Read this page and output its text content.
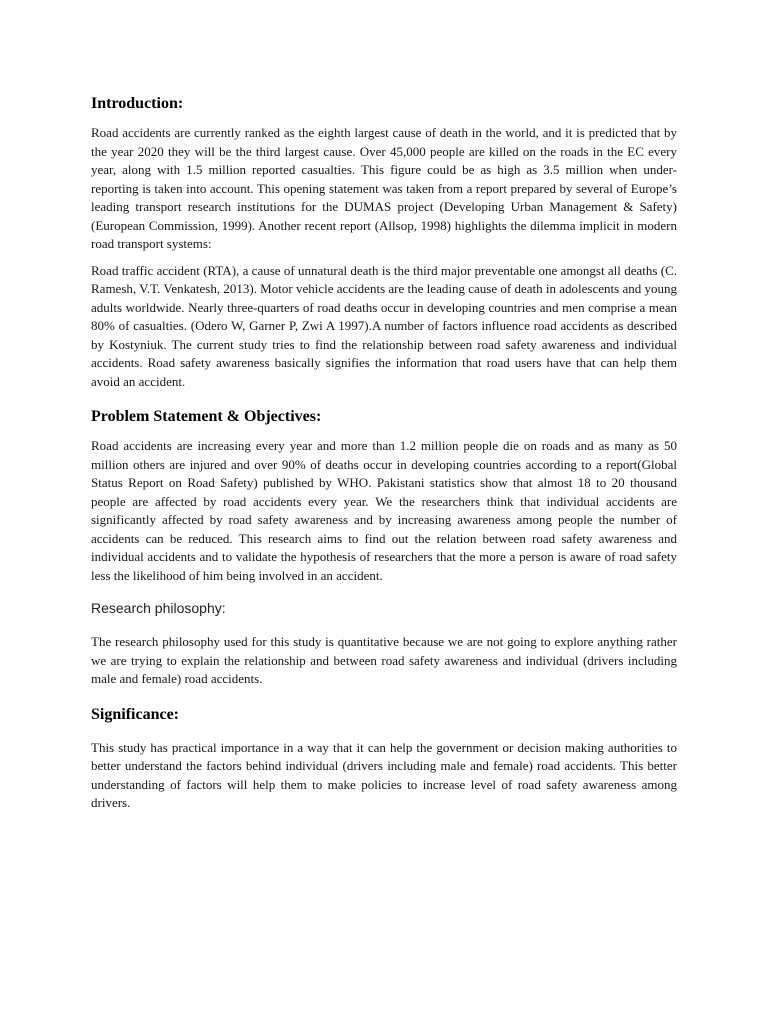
Introduction:

Road accidents are currently ranked as the eighth largest cause of death in the world, and it is predicted that by the year 2020 they will be the third largest cause. Over 45,000 people are killed on the roads in the EC every year, along with 1.5 million reported casualties. This figure could be as high as 3.5 million when under-reporting is taken into account. This opening statement was taken from a report prepared by several of Europe’s leading transport research institutions for the DUMAS project (Developing Urban Management & Safety) (European Commission, 1999). Another recent report (Allsop, 1998) highlights the dilemma implicit in modern road transport systems:

Road traffic accident (RTA), a cause of unnatural death is the third major preventable one amongst all deaths (C. Ramesh, V.T. Venkatesh, 2013). Motor vehicle accidents are the leading cause of death in adolescents and young adults worldwide. Nearly three-quarters of road deaths occur in developing countries and men comprise a mean 80% of casualties. (Odero W, Garner P, Zwi A 1997).A number of factors influence road accidents as described by Kostyniuk. The current study tries to find the relationship between road safety awareness and individual accidents. Road safety awareness basically signifies the information that road users have that can help them avoid an accident.

Problem Statement & Objectives:

Road accidents are increasing every year and more than 1.2 million people die on roads and as many as 50 million others are injured and over 90% of deaths occur in developing countries according to a report(Global Status Report on Road Safety) published by WHO. Pakistani statistics show that almost 18 to 20 thousand people are affected by road accidents every year. We the researchers think that individual accidents are significantly affected by road safety awareness and by increasing awareness among people the number of accidents can be reduced. This research aims to find out the relation between road safety awareness and individual accidents and to validate the hypothesis of researchers that the more a person is aware of road safety less the likelihood of him being involved in an accident.

Research philosophy:

The research philosophy used for this study is quantitative because we are not going to explore anything rather we are trying to explain the relationship and between road safety awareness and individual (drivers including male and female) road accidents.

Significance:

This study has practical importance in a way that it can help the government or decision making authorities to better understand the factors behind individual (drivers including male and female) road accidents. This better understanding of factors will help them to make policies to increase level of road safety awareness among drivers.
